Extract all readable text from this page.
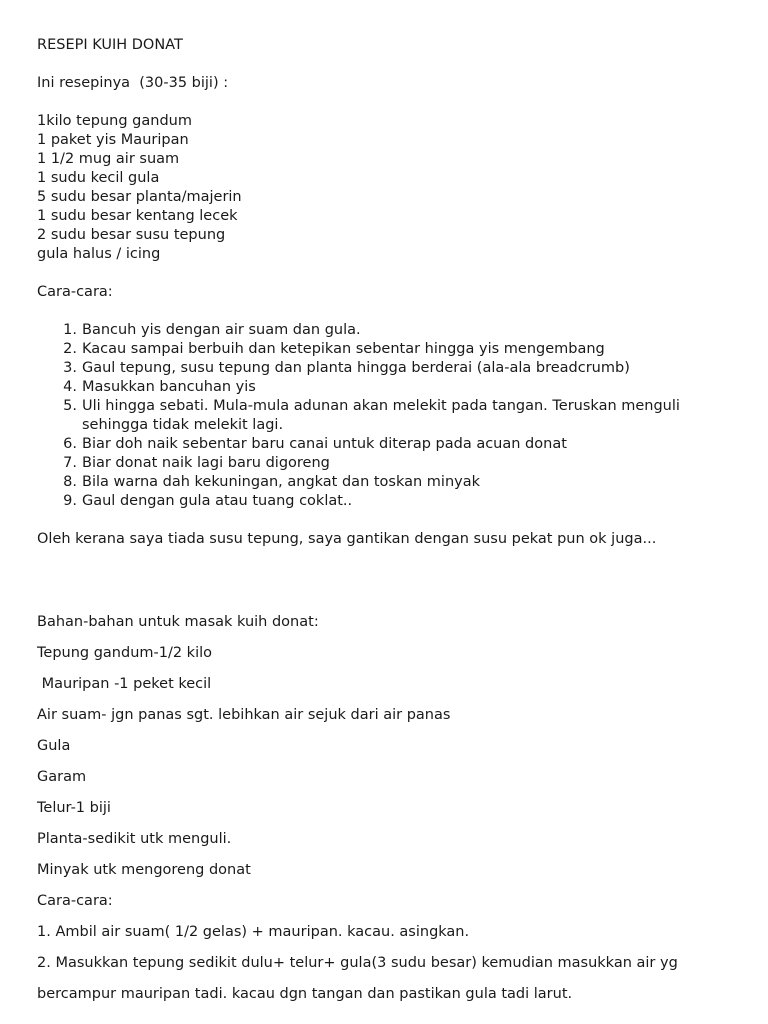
RESEPI KUIH DONAT
Ini resepinya  (30-35 biji) :
1kilo tepung gandum
1 paket yis Mauripan
1 1/2 mug air suam
1 sudu kecil gula
5 sudu besar planta/majerin
1 sudu besar kentang lecek
2 sudu besar susu tepung
gula halus / icing
Cara-cara:
1. Bancuh yis dengan air suam dan gula.
2. Kacau sampai berbuih dan ketepikan sebentar hingga yis mengembang
3. Gaul tepung, susu tepung dan planta hingga berderai (ala-ala breadcrumb)
4. Masukkan bancuhan yis
5. Uli hingga sebati. Mula-mula adunan akan melekit pada tangan. Teruskan menguli sehingga tidak melekit lagi.
6. Biar doh naik sebentar baru canai untuk diterap pada acuan donat
7. Biar donat naik lagi baru digoreng
8. Bila warna dah kekuningan, angkat dan toskan minyak
9. Gaul dengan gula atau tuang coklat..
Oleh kerana saya tiada susu tepung, saya gantikan dengan susu pekat pun ok juga...
Bahan-bahan untuk masak kuih donat:
Tepung gandum-1/2 kilo
Mauripan -1 peket kecil
Air suam- jgn panas sgt. lebihkan air sejuk dari air panas
Gula
Garam
Telur-1 biji
Planta-sedikit utk menguli.
Minyak utk mengoreng donat
Cara-cara:
1. Ambil air suam( 1/2 gelas) + mauripan. kacau. asingkan.
2. Masukkan tepung sedikit dulu+ telur+ gula(3 sudu besar) kemudian masukkan air yg
bercampur mauripan tadi. kacau dgn tangan dan pastikan gula tadi larut.
